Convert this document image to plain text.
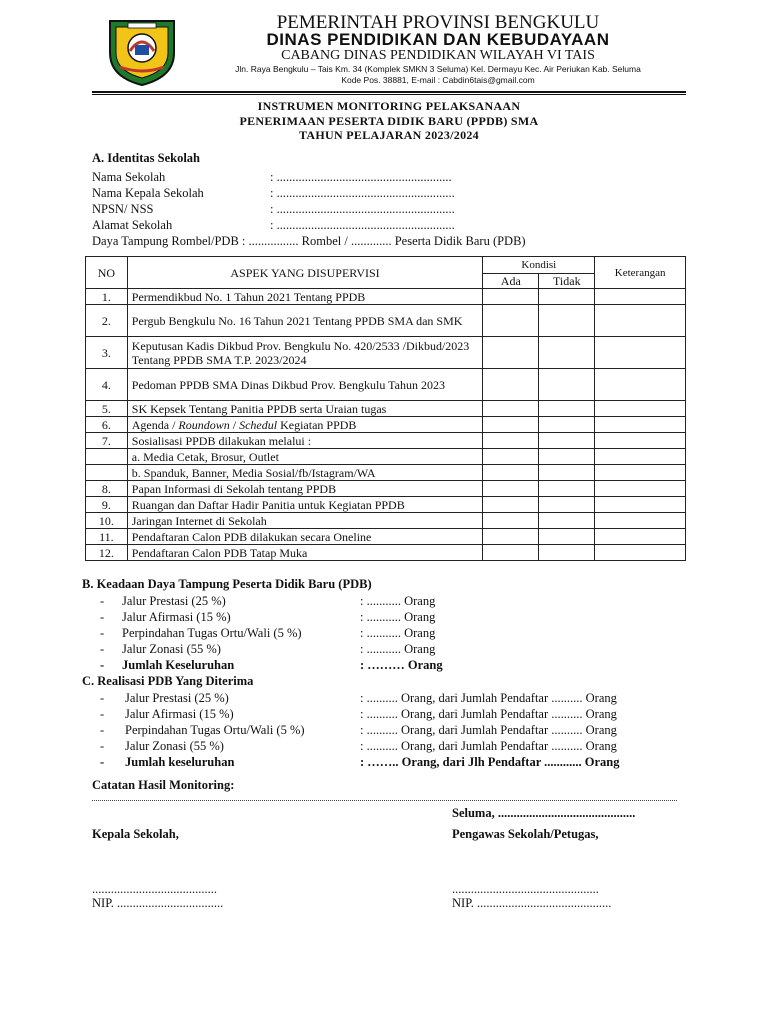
PEMERINTAH PROVINSI BENGKULU
DINAS PENDIDIKAN DAN KEBUDAYAAN
CABANG DINAS PENDIDIKAN WILAYAH VI TAIS
Jln. Raya Bengkulu – Tais Km. 34 (Komplek SMKN 3 Seluma) Kel. Dermayu Kec. Air Periukan Kab. Seluma
Kode Pos. 38881, E-mail : Cabdin6tais@gmail.com
INSTRUMEN MONITORING PELAKSANAAN
PENERIMAAN PESERTA DIDIK BARU (PPDB) SMA
TAHUN PELAJARAN 2023/2024
A. Identitas Sekolah
Nama Sekolah	: ........................................................
Nama Kepala Sekolah	: .........................................................
NPSN/ NSS	: .........................................................
Alamat Sekolah	: .........................................................
Daya Tampung Rombel/PDB : ................ Rombel / ............. Peserta Didik Baru (PDB)
NO	ASPEK YANG DISUPERVISI	Kondisi		Keterangan
		Ada	Tidak	
1.	Permendikbud No. 1 Tahun 2021 Tentang PPDB			
2.	Pergub Bengkulu No. 16 Tahun 2021 Tentang PPDB SMA dan SMK			
3.	Keputusan Kadis Dikbud Prov. Bengkulu No. 420/2533 /Dikbud/2023 Tentang PPDB SMA T.P. 2023/2024			
4.	Pedoman PPDB SMA Dinas Dikbud Prov. Bengkulu Tahun 2023			
5.	SK Kepsek Tentang Panitia PPDB serta Uraian tugas			
6.	Agenda / Roundown / Schedul Kegiatan PPDB			
7.	Sosialisasi PPDB dilakukan melalui :			
	a. Media Cetak, Brosur, Outlet			
	b. Spanduk, Banner, Media Sosial/fb/Istagram/WA			
8.	Papan Informasi di Sekolah tentang PPDB			
9.	Ruangan dan Daftar Hadir Panitia untuk Kegiatan PPDB			
10.	Jaringan Internet di Sekolah			
11.	Pendaftaran Calon PDB dilakukan secara Oneline			
12.	Pendaftaran Calon PDB Tatap Muka			
B. Keadaan Daya Tampung Peserta Didik Baru (PDB)
- Jalur Prestasi (25 %)	: ........... Orang
- Jalur Afirmasi (15 %)	: ........... Orang
- Perpindahan Tugas Ortu/Wali (5 %)	: ........... Orang
- Jalur Zonasi (55 %)	: ........... Orang
- Jumlah Keseluruhan	: ……… Orang
C. Realisasi PDB Yang Diterima
- Jalur Prestasi (25 %)	: .......... Orang, dari Jumlah Pendaftar .......... Orang
- Jalur Afirmasi (15 %)	: .......... Orang, dari Jumlah Pendaftar .......... Orang
- Perpindahan Tugas Ortu/Wali (5 %)	: .......... Orang, dari Jumlah Pendaftar .......... Orang
- Jalur Zonasi (55 %)	: .......... Orang, dari Jumlah Pendaftar .......... Orang
- Jumlah keseluruhan	: …….. Orang, dari Jlh Pendaftar ............ Orang
Catatan Hasil Monitoring:
Seluma, ............................................
Kepala Sekolah,	Pengawas Sekolah/Petugas,
........................................	...............................................
NIP. ..................................	NIP. ...........................................
